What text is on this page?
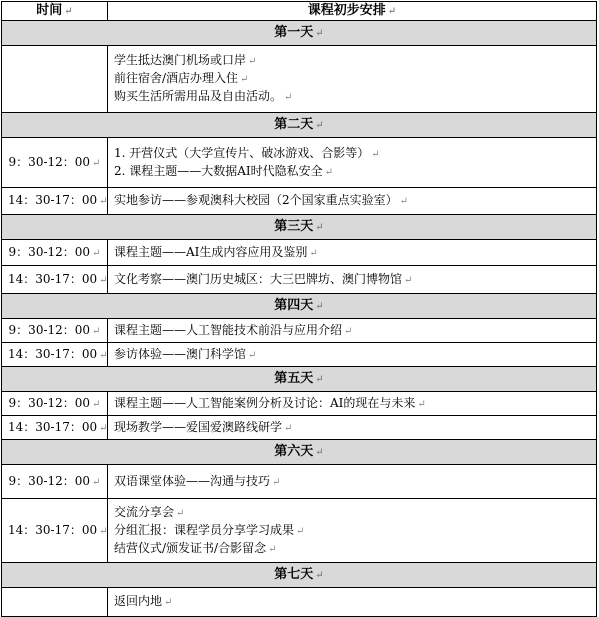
时间 ↵	课程初步安排 ↵
第一天 ↵	

	学生抵达澳门机场或口岸 ↵
前往宿舍/酒店办理入住 ↵
购买生活所需用品及自由活动。 ↵

第二天 ↵	
9：30-12：00 ↵	1. 开营仪式（大学宣传片、破冰游戏、合影等） ↵
2. 课程主题——大数据AI时代隐私安全 ↵

14：30-17：00 ↵	实地参访——参观澳科大校园（2个国家重点实验室） ↵

第三天 ↵	
9：30-12：00 ↵	课程主题——AI生成内容应用及鉴别 ↵

14：30-17：00 ↵	文化考察——澳门历史城区：大三巴牌坊、澳门博物馆 ↵

第四天 ↵	
9：30-12：00 ↵	课程主题——人工智能技术前沿与应用介绍 ↵

14：30-17：00 ↵	参访体验——澳门科学馆 ↵

第五天 ↵	
9：30-12：00 ↵	课程主题——人工智能案例分析及讨论：AI的现在与未来 ↵

14：30-17：00 ↵	现场教学——爱国爱澳路线研学 ↵

第六天 ↵	
9：30-12：00 ↵	双语课堂体验——沟通与技巧 ↵

14：30-17：00 ↵	交流分享会 ↵
分组汇报：课程学员分享学习成果 ↵
结营仪式/颁发证书/合影留念 ↵

第七天 ↵	

	返回内地 ↵
